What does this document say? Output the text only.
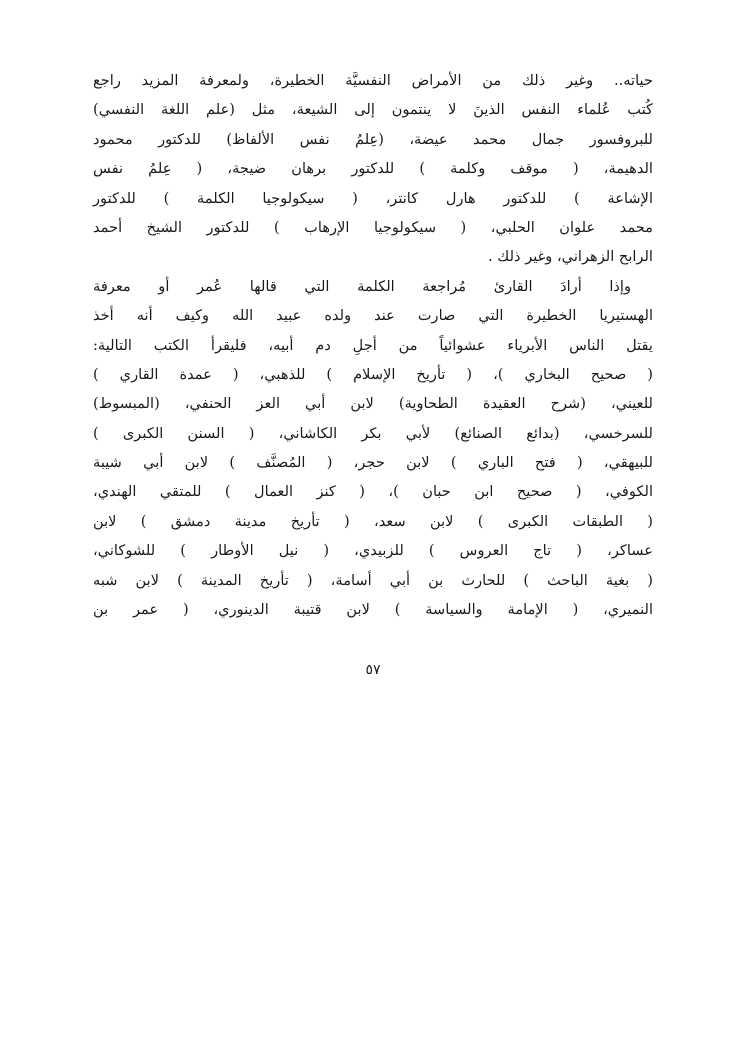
حياته.. وغير ذلك من الأمراض النفسيَّة الخطيرة، ولمعرفة المزيد راجع
كُتب عُلماء النفس الذينَ لا ينتمون إلى الشيعة، مثل (علم اللغة النفسي)
للبروفسور جمال محمد عيضة، (عِلمُ نفس الألفاظ) للدكتور محمود
الدهيمة، ( موقف وكلمة ) للدكتور برهان ضيجة، ( عِلمُ نفس
الإشاعة ) للدكتور هارل كانتر، ( سيكولوجيا الكلمة ) للدكتور
محمد علوان الحلبي، ( سيكولوجيا الإرهاب ) للدكتور الشيخ أحمد
الرابح الزهراني، وغير ذلك .
وإذا أرادَ القارئ مُراجعة الكلمة التي قالها عُمر أو معرفة
الهستيريا الخطيرة التي صارت عند ولده عبيد الله وكيف أنه أخذ
يقتل الناس الأبرياء عشوائياً من أجلِ دم أبيه، فليقرأ الكتب التالية:
( صحيح البخاري )، ( تأريخ الإسلام ) للذهبي، ( عمدة القاري )
للعيني، (شرح العقيدة الطحاوية) لابن أبي العز الحنفي، (المبسوط)
للسرخسي، (بدائع الصنائع) لأبي بكر الكاشاني، ( السنن الكبرى )
للبيهقي، ( فتح الباري ) لابن حجر، ( المُصنَّف ) لابن أبي شيبة
الكوفي، ( صحيح ابن حبان )، ( كنز العمال ) للمتقي الهندي،
( الطبقات الكبرى ) لابن سعد، ( تأريخ مدينة دمشق ) لابن
عساكر، ( تاج العروس ) للزبيدي، ( نيل الأوطار ) للشوكاني،
( بغية الباحث ) للحارث بن أبي أسامة، ( تأريخ المدينة ) لابن شبه
النميري، ( الإمامة والسياسة ) لابن قتيبة الدينوري، ( عمر بن
٥٧
